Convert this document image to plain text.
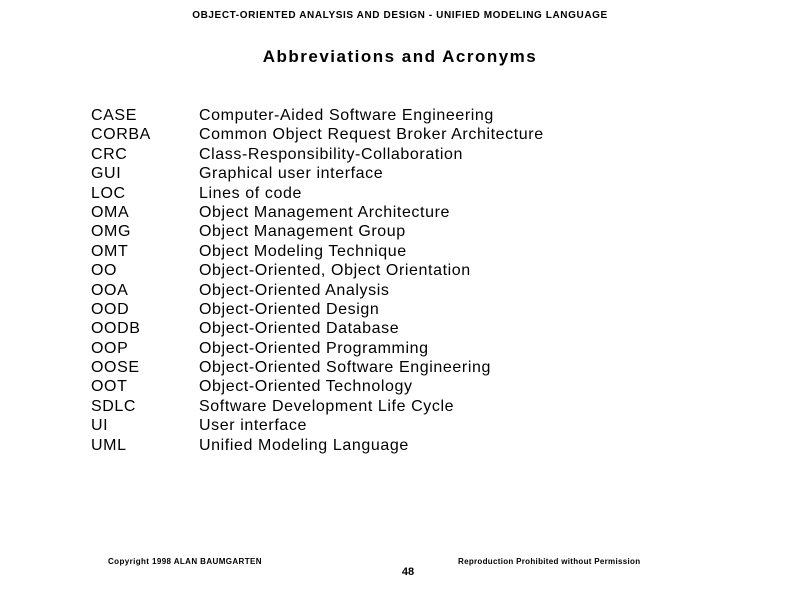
OBJECT-ORIENTED ANALYSIS AND DESIGN - UNIFIED MODELING LANGUAGE
Abbreviations and Acronyms
CASE	Computer-Aided Software Engineering
CORBA	Common Object Request Broker Architecture
CRC	Class-Responsibility-Collaboration
GUI	Graphical user interface
LOC	Lines of code
OMA	Object Management Architecture
OMG	Object Management Group
OMT	Object Modeling Technique
OO	Object-Oriented, Object Orientation
OOA	Object-Oriented Analysis
OOD	Object-Oriented Design
OODB	Object-Oriented Database
OOP	Object-Oriented Programming
OOSE	Object-Oriented Software Engineering
OOT	Object-Oriented Technology
SDLC	Software Development Life Cycle
UI	User interface
UML	Unified Modeling Language
Copyright 1998 ALAN BAUMGARTEN	Reproduction Prohibited without Permission
48
